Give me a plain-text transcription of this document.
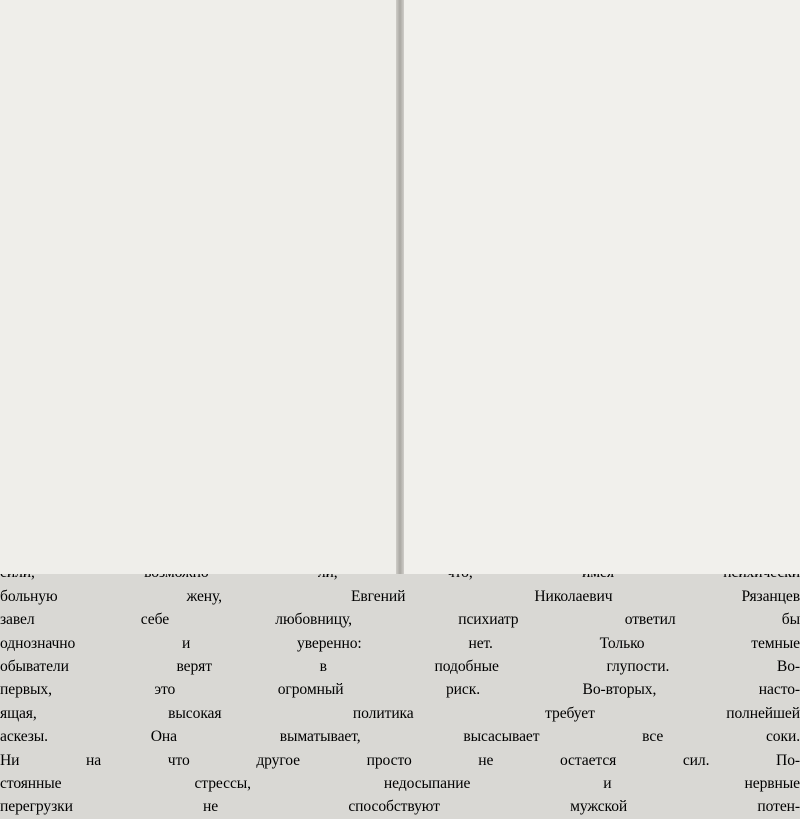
больную жену, Евгений Николаевич Рязанцев
завел себе любовницу, психиатр ответил бы
однозначно и уверенно: нет. Только темные
обыватели верят в подобные глупости. Во-
первых, это огромный риск. Во-вторых, насто-
ящая, высокая политика требует полнейшей
аскезы. Она выматывает, высасывает все соки.
Ни на что другое просто не остается сил. По-
стоянные стрессы, недосыпание и нервные
перегрузки не способствуют мужской потен-
